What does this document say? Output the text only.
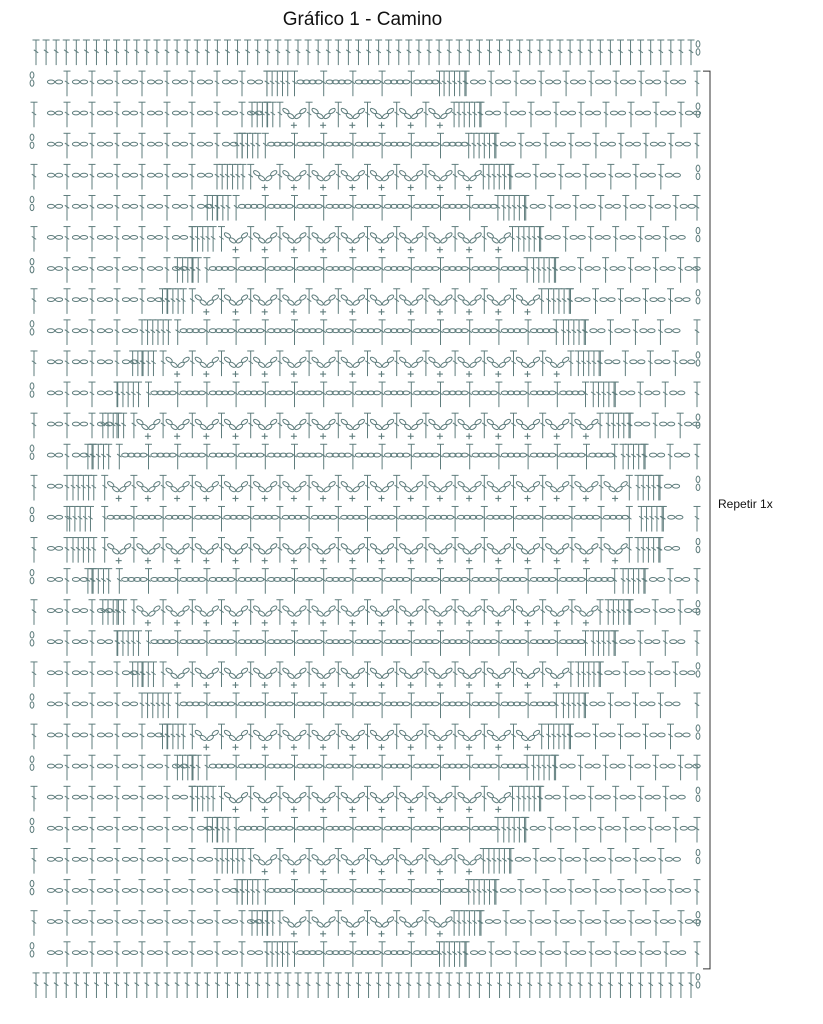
Gráfico 1 - Camino
Repetir 1x
